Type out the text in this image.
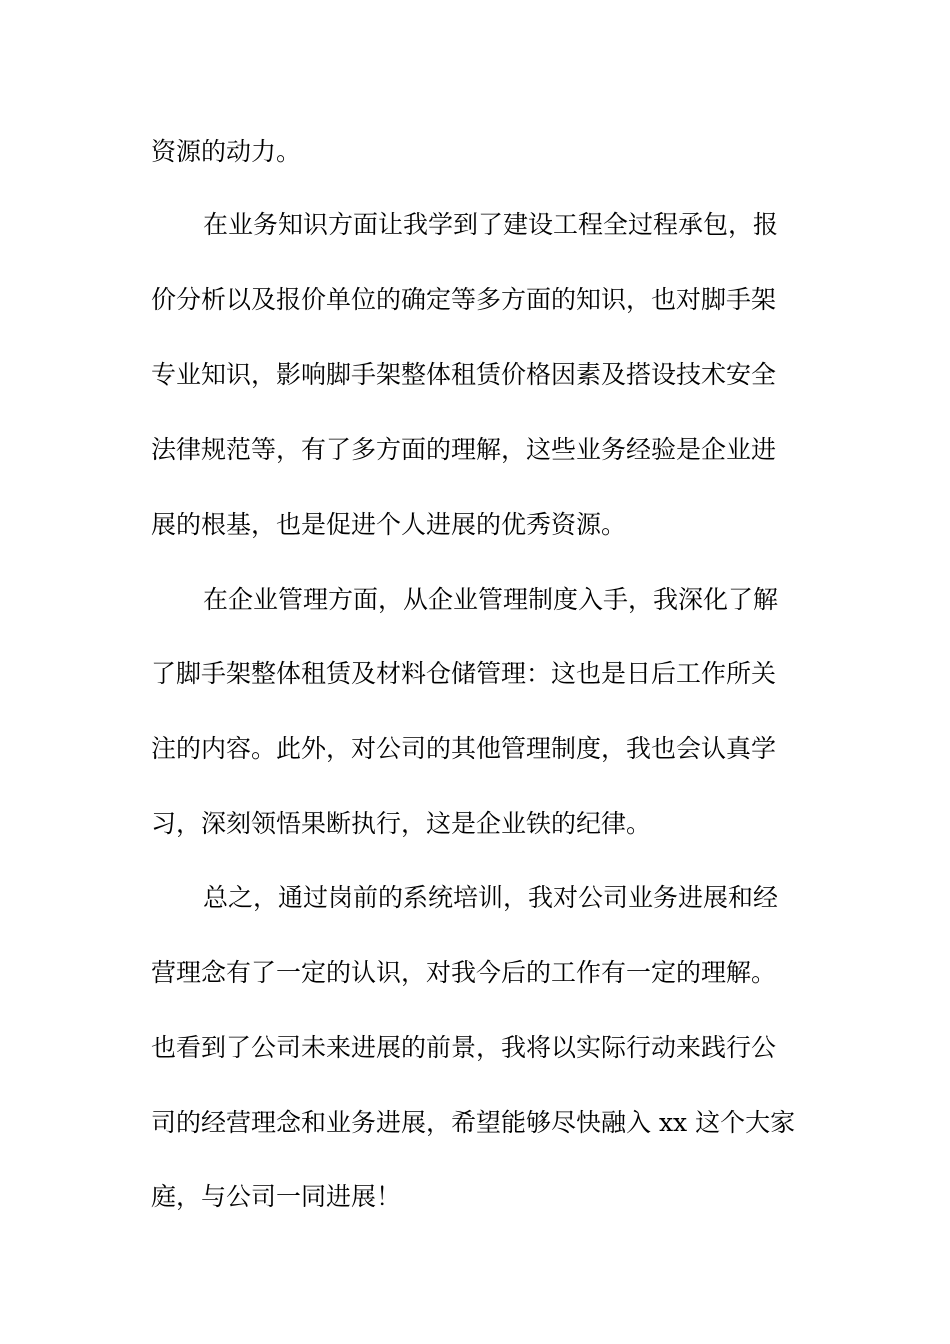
资源的动力。
在业务知识方面让我学到了建设工程全过程承包，报
价分析以及报价单位的确定等多方面的知识，也对脚手架
专业知识，影响脚手架整体租赁价格因素及搭设技术安全
法律规范等，有了多方面的理解，这些业务经验是企业进
展的根基，也是促进个人进展的优秀资源。
在企业管理方面，从企业管理制度入手，我深化了解
了脚手架整体租赁及材料仓储管理：这也是日后工作所关
注的内容。此外，对公司的其他管理制度，我也会认真学
习，深刻领悟果断执行，这是企业铁的纪律。
总之，通过岗前的系统培训，我对公司业务进展和经
营理念有了一定的认识，对我今后的工作有一定的理解。
也看到了公司未来进展的前景，我将以实际行动来践行公
司的经营理念和业务进展，希望能够尽快融入 xx 这个大家
庭，与公司一同进展！
